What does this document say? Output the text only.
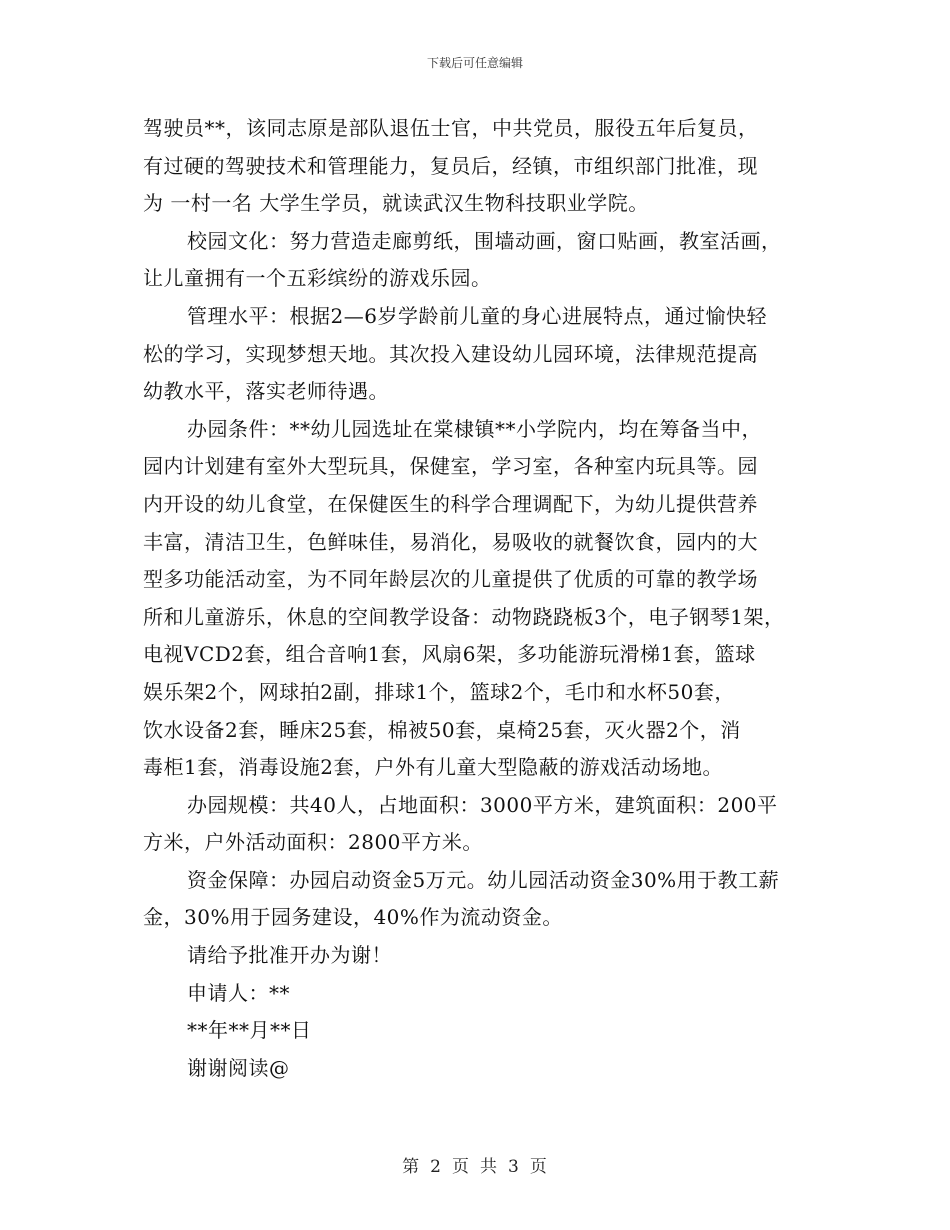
下载后可任意编辑
驾驶员**，该同志原是部队退伍士官，中共党员，服役五年后复员，
有过硬的驾驶技术和管理能力，复员后，经镇，市组织部门批准，现
为 一村一名 大学生学员，就读武汉生物科技职业学院。
校园文化：努力营造走廊剪纸，围墙动画，窗口贴画，教室活画，
让儿童拥有一个五彩缤纷的游戏乐园。
管理水平：根据2—6岁学龄前儿童的身心进展特点，通过愉快轻
松的学习，实现梦想天地。其次投入建设幼儿园环境，法律规范提高
幼教水平，落实老师待遇。
办园条件：**幼儿园选址在棠棣镇**小学院内，均在筹备当中，
园内计划建有室外大型玩具，保健室，学习室，各种室内玩具等。园
内开设的幼儿食堂，在保健医生的科学合理调配下，为幼儿提供营养
丰富，清洁卫生，色鲜味佳，易消化，易吸收的就餐饮食，园内的大
型多功能活动室，为不同年龄层次的儿童提供了优质的可靠的教学场
所和儿童游乐，休息的空间教学设备：动物跷跷板3个，电子钢琴1架，
电视VCD2套，组合音响1套，风扇6架，多功能游玩滑梯1套，篮球
娱乐架2个，网球拍2副，排球1个，篮球2个，毛巾和水杯50套，
饮水设备2套，睡床25套，棉被50套，桌椅25套，灭火器2个，消
毒柜1套，消毒设施2套，户外有儿童大型隐蔽的游戏活动场地。
办园规模：共40人，占地面积：3000平方米，建筑面积：200平
方米，户外活动面积：2800平方米。
资金保障：办园启动资金5万元。幼儿园活动资金30%用于教工薪
金，30%用于园务建设，40%作为流动资金。
请给予批准开办为谢！
申请人：**
**年**月**日
谢谢阅读@
第 2 页 共 3 页
